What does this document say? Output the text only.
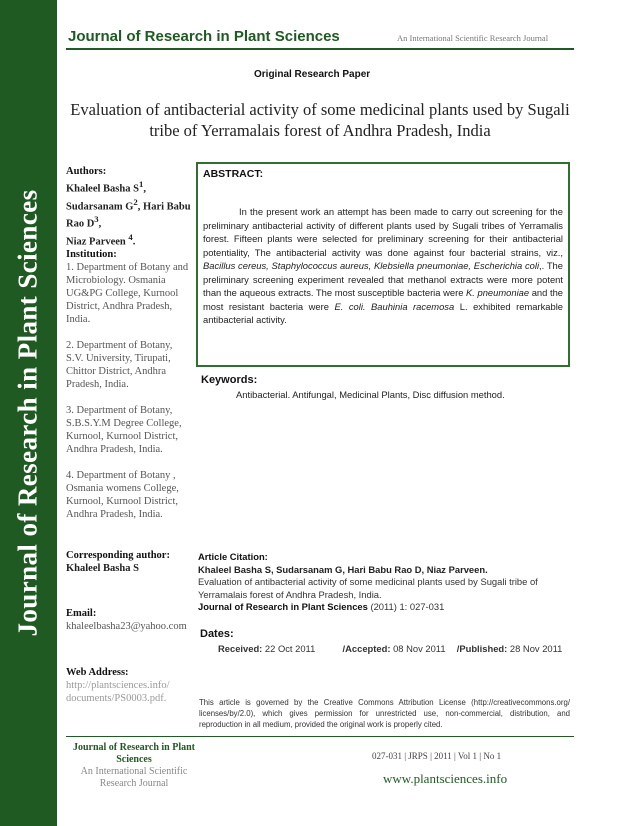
Journal of Research in Plant Sciences
Journal of Research in Plant Sciences	An International Scientific Research Journal
Original Research Paper
Evaluation of antibacterial activity of some medicinal plants used by Sugali tribe of Yerramalais forest of Andhra Pradesh, India
Authors:
Khaleel Basha $S^1$,
Sudarsanam $G^2$, Hari Babu Rao $D^3$,
Niaz Parveen $^4$.
Institution:
1. Department of Botany and Microbiology. Osmania UG&PG College, Kurnool District, Andhra Pradesh, India.
2. Department of Botany, S.V. University, Tirupati, Chittor District, Andhra Pradesh, India.
3. Department of Botany, S.B.S.Y.M Degree College, Kurnool, Kurnool District, Andhra Pradesh, India.
4. Department of Botany , Osmania womens College, Kurnool, Kurnool District, Andhra Pradesh, India.
ABSTRACT:
In the present work an attempt has been made to carry out screening for the preliminary antibacterial activity of different plants used by Sugali tribes of Yerramalis forest. Fifteen plants were selected for preliminary screening for their antibacterial potentiality, The antibacterial activity was done against four bacterial strains, viz., Bacillus cereus, Staphylococcus aureus, Klebsiella pneumoniae, Escherichia coli,. The preliminary screening experiment revealed that methanol extracts were more potent than the aqueous extracts. The most susceptible bacteria were K. pneumoniae and the most resistant bacteria were E. coli. Bauhinia racemosa L. exhibited remarkable antibacterial activity.
Keywords:
Antibacterial. Antifungal, Medicinal Plants, Disc diffusion method.
Corresponding author:
Khaleel Basha S
Email:
khaleelbasha23@yahoo.com
Web Address:
http://plantsciences.info/ documents/PS0003.pdf.
Article Citation:
Khaleel Basha S, Sudarsanam G, Hari Babu Rao D, Niaz Parveen.
Evaluation of antibacterial activity of some medicinal plants used by Sugali tribe of Yerramalais forest of Andhra Pradesh, India.
Journal of Research in Plant Sciences (2011) 1: 027-031
Dates:
Received: 22 Oct 2011	/Accepted: 08 Nov 2011 /Published: 28 Nov 2011
This article is governed by the Creative Commons Attribution License (http://creativecommons.org/ licenses/by/2.0), which gives permission for unrestricted use, non-commercial, distribution, and reproduction in all medium, provided the original work is properly cited.
Journal of Research in Plant Sciences
An International Scientific Research Journal
027-031 | JRPS | 2011 | Vol 1 | No 1
www.plantsciences.info
